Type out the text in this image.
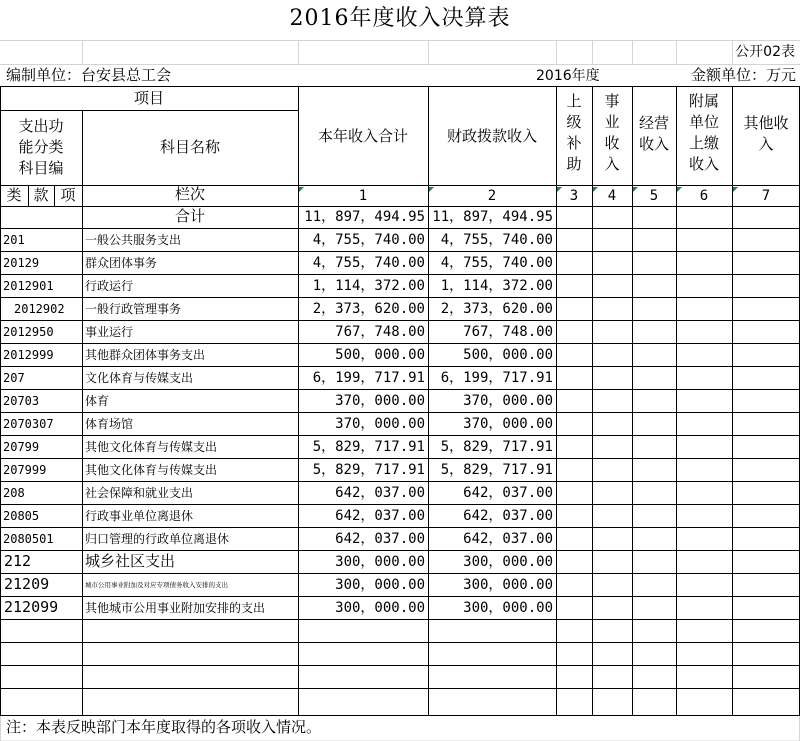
2016年度收入决算表
公开02表
编制单位：台安县总工会	2016年度	金额单位：万元
项目
支出功
能分类
科目编
科目名称
类 款 项	栏次
本年收入合计	财政拨款收入
上
级
补
助
事
业
收
入
经营
收入
附属
单位
上缴
收入
其他收
入
1	2	3	4	5	6	7
合计	11，897，494.95 11，897，494.95
201	一般公共服务支出	4，755，740.00	4，755，740.00
20129	群众团体事务	4，755，740.00	4，755，740.00
2012901	行政运行	1，114，372.00	1，114，372.00
2012902 一般行政管理事务	2，373，620.00	2，373，620.00
2012950	事业运行	767，748.00	767，748.00
2012999	其他群众团体事务支出	500，000.00	500，000.00
207	文化体育与传媒支出	6，199，717.91	6，199，717.91
20703	体育	370，000.00	370，000.00
2070307	体育场馆	370，000.00	370，000.00
20799	其他文化体育与传媒支出	5，829，717.91	5，829，717.91
207999	其他文化体育与传媒支出	5，829，717.91	5，829，717.91
208	社会保障和就业支出	642，037.00	642，037.00
20805	行政事业单位离退休	642，037.00	642，037.00
2080501	归口管理的行政单位离退休	642，037.00	642，037.00
212	城乡社区支出	300，000.00	300，000.00
21209	城市公用事业附加及对应专项债务收入安排的支出	300，000.00	300，000.00
212099 其他城市公用事业附加安排的支出	300，000.00	300，000.00
注：本表反映部门本年度取得的各项收入情况。
